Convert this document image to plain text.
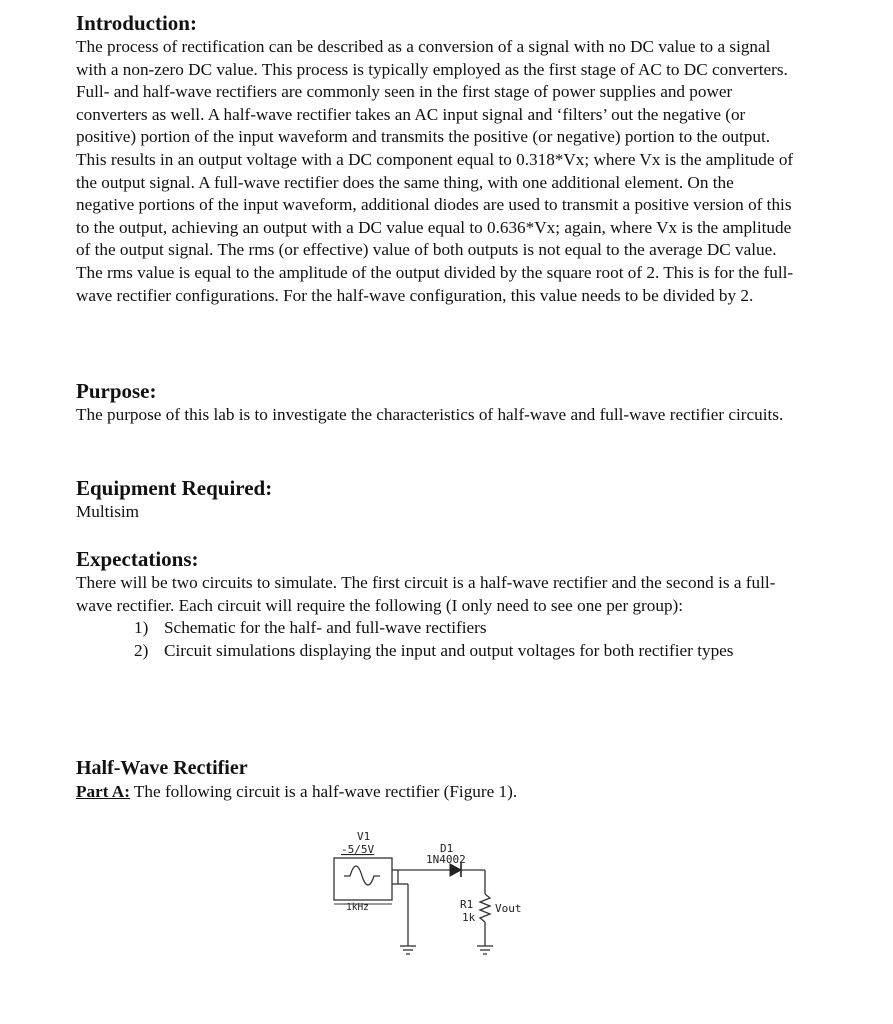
Introduction:

The process of rectification can be described as a conversion of a signal with no DC value to a signal with a non-zero DC value. This process is typically employed as the first stage of AC to DC converters. Full- and half-wave rectifiers are commonly seen in the first stage of power supplies and power converters as well. A half-wave rectifier takes an AC input signal and ‘filters’ out the negative (or positive) portion of the input waveform and transmits the positive (or negative) portion to the output. This results in an output voltage with a DC component equal to 0.318*Vx; where Vx is the amplitude of the output signal. A full-wave rectifier does the same thing, with one additional element. On the negative portions of the input waveform, additional diodes are used to transmit a positive version of this to the output, achieving an output with a DC value equal to 0.636*Vx; again, where Vx is the amplitude of the output signal. The rms (or effective) value of both outputs is not equal to the average DC value. The rms value is equal to the amplitude of the output divided by the square root of 2. This is for the full-wave rectifier configurations. For the half-wave configuration, this value needs to be divided by 2.

Purpose:

The purpose of this lab is to investigate the characteristics of half-wave and full-wave rectifier circuits.

Equipment Required:

Multisim

Expectations:

There will be two circuits to simulate. The first circuit is a half-wave rectifier and the second is a full-wave rectifier. Each circuit will require the following (I only need to see one per group):

1) Schematic for the half- and full-wave rectifiers
2) Circuit simulations displaying the input and output voltages for both rectifier types
Half-Wave Rectifier

Part A: The following circuit is a half-wave rectifier (Figure 1).

V1
-5/5V
1kHz
D1
1N4002
R1
1k
Vout
